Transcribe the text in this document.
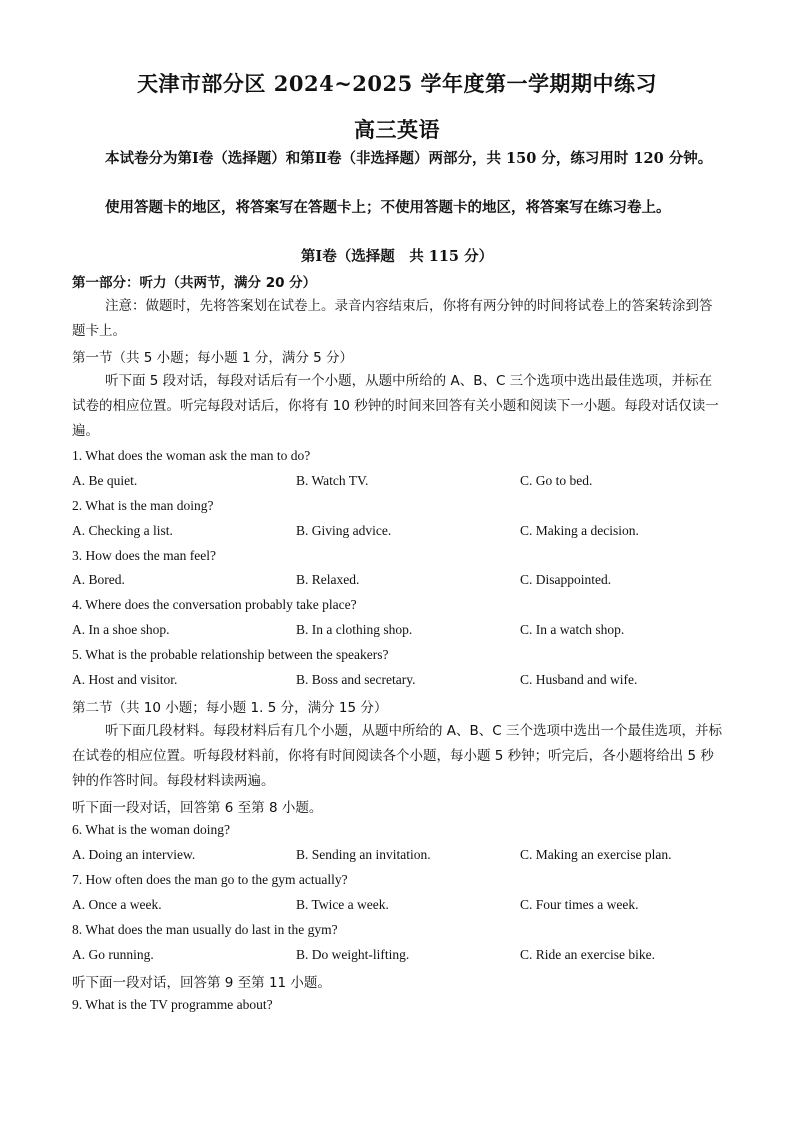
天津市部分区 2024~2025 学年度第一学期期中练习
高三英语
本试卷分为第Ⅰ卷（选择题）和第Ⅱ卷（非选择题）两部分，共 150 分，练习用时 120 分钟。
使用答题卡的地区，将答案写在答题卡上；不使用答题卡的地区，将答案写在练习卷上。
第Ⅰ卷（选择题　共 115 分）
第一部分：听力（共两节，满分 20 分）
注意：做题时，先将答案划在试卷上。录音内容结束后，你将有两分钟的时间将试卷上的答案转涂到答题卡上。
第一节（共 5 小题；每小题 1 分，满分 5 分）
听下面 5 段对话，每段对话后有一个小题，从题中所给的 A、B、C 三个选项中选出最佳选项，并标在试卷的相应位置。听完每段对话后，你将有 10 秒钟的时间来回答有关小题和阅读下一小题。每段对话仅读一遍。
1. What does the woman ask the man to do?
A. Be quiet.	B. Watch TV.	C. Go to bed.
2. What is the man doing?
A. Checking a list.	B. Giving advice.	C. Making a decision.
3. How does the man feel?
A. Bored.	B. Relaxed.	C. Disappointed.
4. Where does the conversation probably take place?
A. In a shoe shop.	B. In a clothing shop.	C. In a watch shop.
5. What is the probable relationship between the speakers?
A. Host and visitor.	B. Boss and secretary.	C. Husband and wife.
第二节（共 10 小题；每小题 1. 5 分，满分 15 分）
听下面几段材料。每段材料后有几个小题，从题中所给的 A、B、C 三个选项中选出一个最佳选项，并标在试卷的相应位置。听每段材料前，你将有时间阅读各个小题，每小题 5 秒钟；听完后，各小题将给出 5 秒钟的作答时间。每段材料读两遍。
听下面一段对话，回答第 6 至第 8 小题。
6. What is the woman doing?
A. Doing an interview.	B. Sending an invitation.	C. Making an exercise plan.
7. How often does the man go to the gym actually?
A. Once a week.	B. Twice a week.	C. Four times a week.
8. What does the man usually do last in the gym?
A. Go running.	B. Do weight-lifting.	C. Ride an exercise bike.
听下面一段对话，回答第 9 至第 11 小题。
9. What is the TV programme about?
